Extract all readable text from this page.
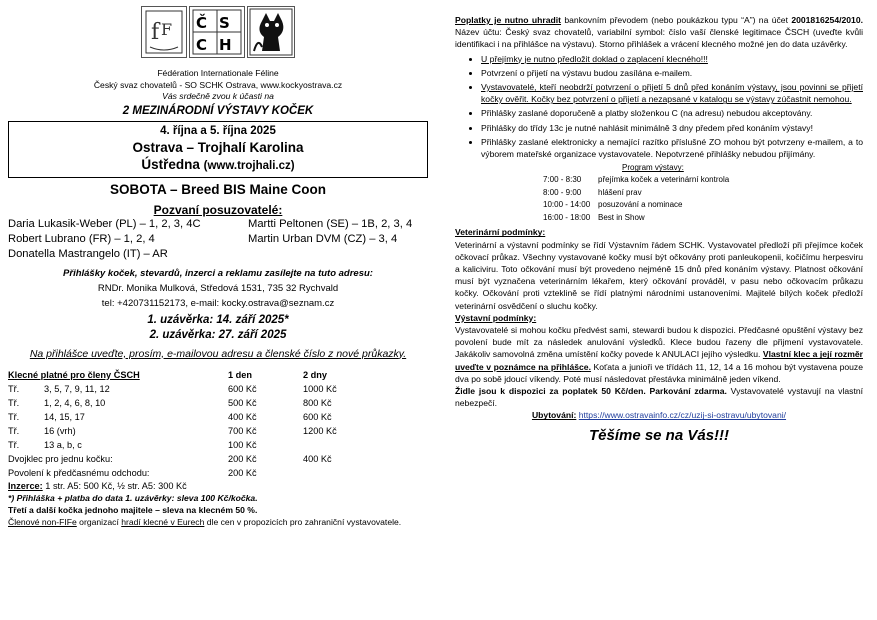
f F Č S
C H
Fédération Internationale Féline
Český svaz chovatelů - SO SCHK Ostrava, www.kockyostrava.cz
Vás srdečně zvou k účasti na
2 MEZINÁRODNÍ VÝSTAVY KOČEK
4. října a 5. října 2025
Ostrava – Trojhalí Karolina
Ústředna (www.trojhali.cz)
SOBOTA – Breed BIS Maine Coon
Pozvaní posuzovatelé:
Daria Lukasik-Weber (PL) – 1, 2, 3, 4C	Martti Peltonen (SE) – 1B, 2, 3, 4
Robert Lubrano (FR) – 1, 2, 4	Martin Urban DVM (CZ) – 3, 4
Donatella Mastrangelo (IT) – AR
Přihlášky koček, stevardů, inzerci a reklamu zasílejte na tuto adresu:
RNDr. Monika Mulková, Středová 1531, 735 32 Rychvald
tel: +420731152173, e-mail: kocky.ostrava@seznam.cz
1. uzávěrka: 14. září 2025*
2. uzávěrka: 27. září 2025
Na přihlášce uveďte, prosím, e-mailovou adresu a členské číslo z nové průkazky.
Klecné platné pro členy ČSCH		1 den	2 dny
Tř.	3, 5, 7, 9, 11, 12	600 Kč	1000 Kč
Tř.	1, 2, 4, 6, 8, 10	500 Kč	800 Kč
Tř.	14, 15, 17	400 Kč	600 Kč
Tř.	16 (vrh)	700 Kč	1200 Kč
Tř.	13 a, b, c	100 Kč	
Dvojklec pro jednu kočku:		200 Kč	400 Kč
Povolení k předčasnému odchodu:		200 Kč	
Inzerce: 1 str. A5: 500 Kč, ½ str. A5: 300 Kč
*) Přihláška + platba do data 1. uzávěrky: sleva 100 Kč/kočka.
Třetí a další kočka jednoho majitele – sleva na klecném 50 %.
Členové non-FIFe organizací hradí klecné v Eurech dle cen v propozicích pro zahraniční vystavovatele.

Poplatky je nutno uhradit bankovním převodem (nebo poukázkou typu “A”) na účet 2001816254/2010. Název účtu: Český svaz chovatelů, variabilní symbol: číslo vaší členské legitimace ČSCH (uveďte kvůli identifikaci i na přihlášce na výstavu). Storno přihlášek a vrácení klecného možné jen do data uzávěrky.

• U přejímky je nutno předložit doklad o zaplacení klecného!!!
• Potvrzení o přijetí na výstavu budou zasílána e-mailem.
• Vystavovatelé, kteří neobdrží potvrzení o přijetí 5 dnů před konáním výstavy, jsou povinni se přijetí kočky ověřit. Kočky bez potvrzení o přijetí a nezapsané v katalogu se výstavy zúčastnit nemohou.
• Přihlášky zaslané doporučeně a platby složenkou C (na adresu) nebudou akceptovány.
• Přihlášky do třídy 13c je nutné nahlásit minimálně 3 dny předem před konáním výstavy!
• Přihlášky zaslané elektronicky a nemající razítko příslušné ZO mohou být potvrzeny e-mailem, a to výborem mateřské organizace vystavovatele. Nepotvrzené přihlášky nebudou přijímány.
Program výstavy:
7:00 - 8:30	přejímka koček a veterinární kontrola
8:00 - 9:00	hlášení prav
10:00 - 14:00 posuzování a nominace
16:00 - 18:00 Best in Show

Veterinární podmínky:

Veterinární a výstavní podmínky se řídí Výstavním řádem SCHK. Vystavovatel předloží při přejímce koček očkovací průkaz. Všechny vystavované kočky musí být očkovány proti panleukopenii, kočičímu herpesviru a kaliciviru. Toto očkování musí být provedeno nejméně 15 dnů před konáním výstavy. Platnost očkování musí být vyznačena veterinárním lékařem, který očkování prováděl, v pasu nebo očkovacím průkazu kočky. Očkování proti vzteklině se řídí platnými národními ustanoveními. Majitelé bílých koček předloží veterinární osvědčení o sluchu kočky.

Výstavní podmínky:

Vystavovatelé si mohou kočku předvést sami, stewardi budou k dispozici. Předčasné opuštění výstavy bez povolení bude mít za následek anulování výsledků. Klece budou řazeny dle přijmení vystavovatele. Jakákoliv samovolná změna umístění kočky povede k ANULACI jejího výsledku. Vlastní klec a její rozměr uveďte v poznámce na přihlášce. Koťata a junioři ve třídách 11, 12, 14 a 16 mohou být vystavena pouze dva po sobě jdoucí víkendy. Poté musí následovat přestávka minimálně jeden víkend.

Židle jsou k dispozici za poplatek 50 Kč/den. Parkování zdarma. Vystavovatelé vystavují na vlastní nebezpečí.

Ubytování: https://www.ostravainfo.cz/cz/uzij-si-ostravu/ubytovani/

Těšíme se na Vás!!!
